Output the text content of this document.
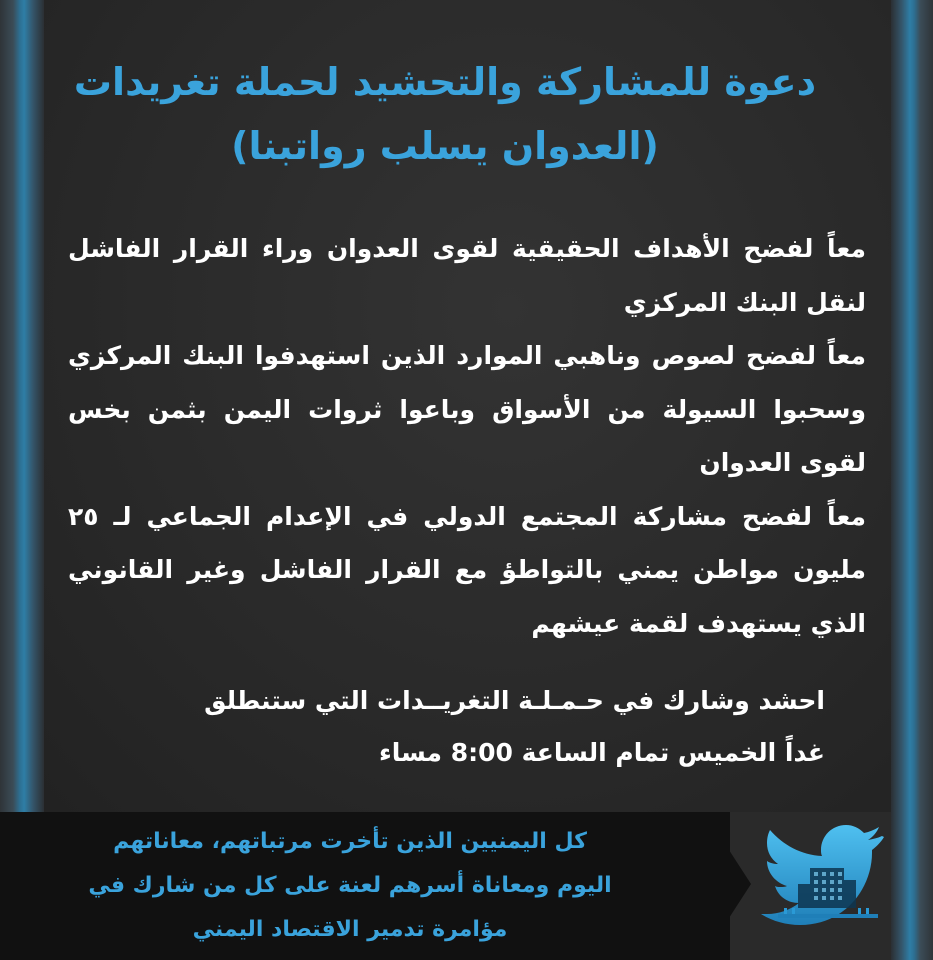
دعوة للمشاركة والتحشيد لحملة تغريدات
(العدوان يسلب رواتبنا)

معاً لفضح الأهداف الحقيقية لقوى العدوان وراء القرار الفاشل لنقل البنك المركزي

معاً لفضح لصوص وناهبي الموارد الذين استهدفوا البنك المركزي وسحبوا السيولة من الأسواق وباعوا ثروات اليمن بثمن بخس لقوى العدوان

معاً لفضح مشاركة المجتمع الدولي في الإعدام الجماعي لـ ٢٥ مليون مواطن يمني بالتواطؤ مع القرار الفاشل وغير القانوني الذي يستهدف لقمة عيشهم

احشد وشارك في حـمـلـة التغريــدات التي ستنطلق

غداً الخميس تمام الساعة 8:00 مساء

كل اليمنيين الذين تأخرت مرتباتهم، معاناتهم

اليوم ومعاناة أسرهم لعنة على كل من شارك في

مؤامرة تدمير الاقتصاد اليمني
